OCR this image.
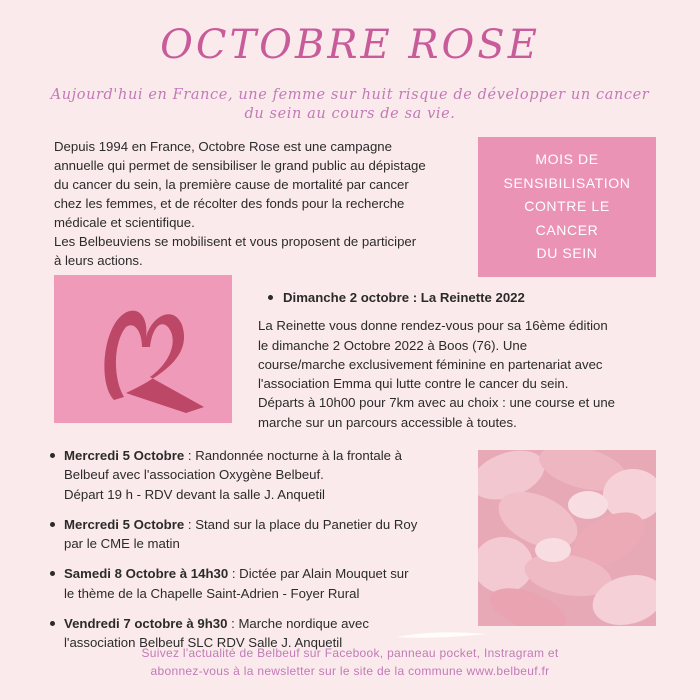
OCTOBRE ROSE

Aujourd'hui en France, une femme sur huit risque de développer un cancer du sein au cours de sa vie.

Depuis 1994 en France, Octobre Rose est une campagne
annuelle qui permet de sensibiliser le grand public au dépistage
du cancer du sein, la première cause de mortalité par cancer
chez les femmes, et de récolter des fonds pour la recherche
médicale et scientifique.
Les Belbeuviens se mobilisent et vous proposent de participer
à leurs actions.
MOIS DE
SENSIBILISATION
CONTRE LE
CANCER
DU SEIN
Dimanche 2 octobre : La Reinette 2022

La Reinette vous donne rendez-vous pour sa 16ème édition

le dimanche 2 Octobre 2022 à Boos (76). Une

course/marche exclusivement féminine en partenariat avec

l'association Emma qui lutte contre le cancer du sein.

Départs à 10h00 pour 7km avec au choix : une course et une

marche sur un parcours accessible à toutes.

Mercredi 5 Octobre : Randonnée nocturne à la frontale à
Belbeuf avec l'association Oxygène Belbeuf.
Départ 19 h - RDV devant la salle J. Anquetil
Mercredi 5 Octobre : Stand sur la place du Panetier du Roy
par le CME le matin
Samedi 8 Octobre à 14h30 : Dictée par Alain Mouquet sur
le thème de la Chapelle Saint-Adrien - Foyer Rural
Vendredi 7 octobre à 9h30 : Marche nordique avec
l'association Belbeuf SLC RDV Salle J. Anquetil
Suivez l'actualité de Belbeuf sur Facebook, panneau pocket, Instragram et
abonnez-vous à la newsletter sur le site de la commune www.belbeuf.fr
